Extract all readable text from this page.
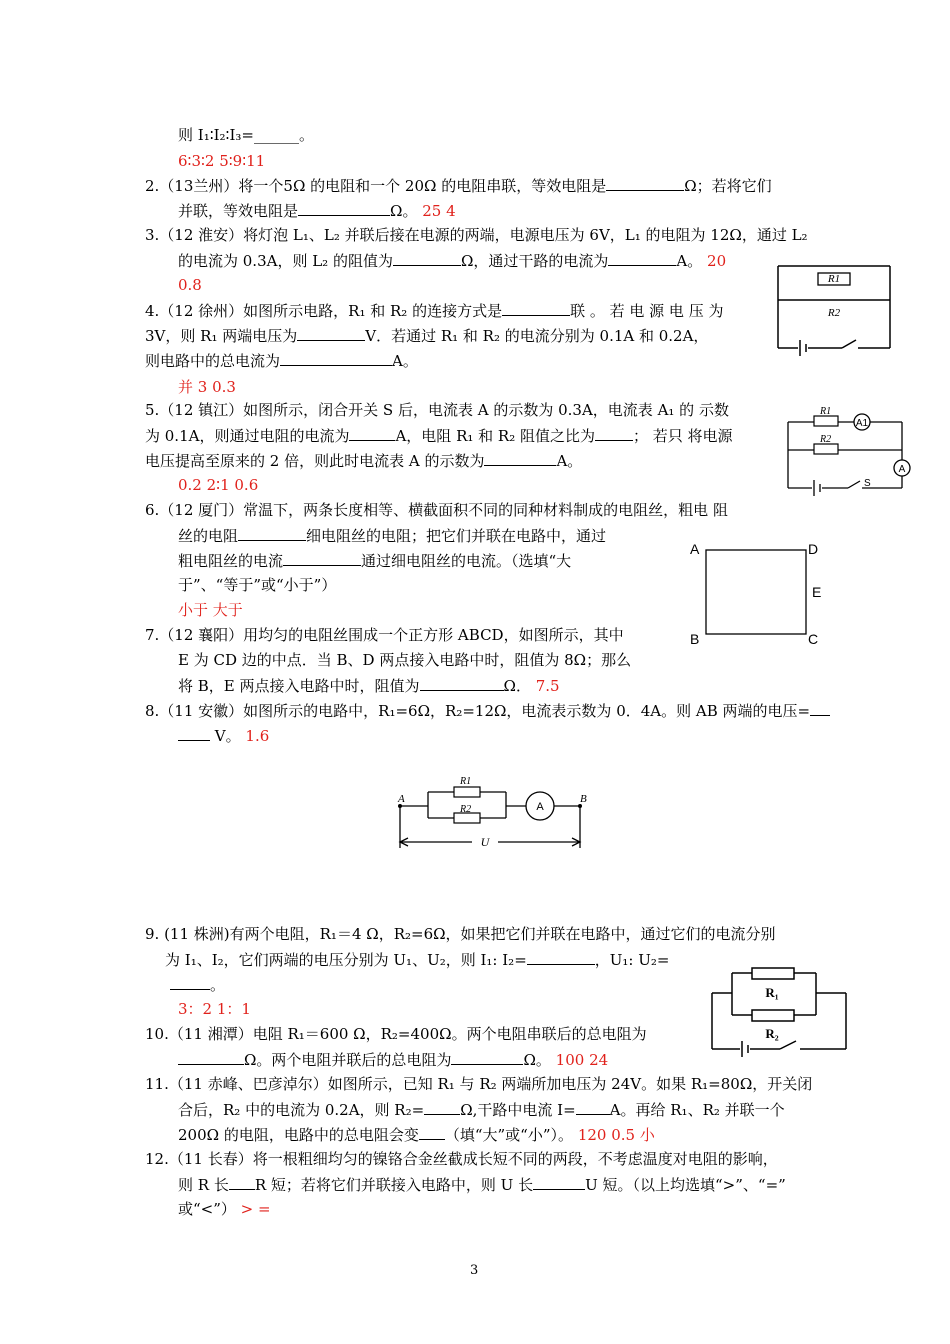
则 I₁∶I₂∶I₃=______。
6∶3∶2 5∶9∶11
2.（13兰州）将一个5Ω 的电阻和一个 20Ω 的电阻串联，等效电阻是	Ω；若将它们
并联，等效电阻是	Ω。 25 4
3.（12 淮安）将灯泡 L₁、L₂ 并联后接在电源的两端，电源电压为 6V，L₁ 的电阻为 12Ω，通过 L₂
的电流为 0.3A，则 L₂ 的阻值为	Ω，通过干路的电流为	A。 20
0.8
4.（12 徐州）如图所示电路，R₁ 和 R₂ 的连接方式是	联 。 若 电 源 电 压 为
3V，则 R₁ 两端电压为	V．若通过 R₁ 和 R₂ 的电流分别为 0.1A 和 0.2A，
则电路中的总电流为	A。
并 3 0.3
5.（12 镇江）如图所示，闭合开关 S 后，电流表 A 的示数为 0.3A，电流表 A₁ 的 示数
为 0.1A，则通过电阻的电流为	A，电阻 R₁ 和 R₂ 阻值之比为	； 若只 将电源
电压提高至原来的 2 倍，则此时电流表 A 的示数为	A。
0.2 2∶1 0.6
6.（12 厦门）常温下，两条长度相等、横截面积不同的同种材料制成的电阻丝，粗电 阻
丝的电阻	细电阻丝的电阻；把它们并联在电路中，通过
粗电阻丝的电流	通过细电阻丝的电流。（选填“大
于”、“等于”或“小于”）
小于 大于
7.（12 襄阳）用均匀的电阻丝围成一个正方形 ABCD，如图所示，其中
E 为 CD 边的中点．当 B、D 两点接入电路中时，阻值为 8Ω；那么
将 B，E 两点接入电路中时，阻值为	Ω． 7.5
8.（11 安徽）如图所示的电路中，R₁=6Ω，R₂=12Ω，电流表示数为 0．4A。则 AB 两端的电压=
V。 1.6
9. (11 株洲)有两个电阻，R₁＝4 Ω，R₂=6Ω，如果把它们并联在电路中，通过它们的电流分别
为 I₁、I₂，它们两端的电压分别为 U₁、U₂，则 I₁: I₂=	，U₁: U₂=
。
3：2 1：1
10.（11 湘潭）电阻 R₁＝600 Ω，R₂=400Ω。两个电阻串联后的总电阻为
Ω。两个电阻并联后的总电阻为	Ω。 100 24
11.（11 赤峰、巴彦淖尔）如图所示，已知 R₁ 与 R₂ 两端所加电压为 24V。如果 R₁=80Ω，开关闭
合后，R₂ 中的电流为 0.2A，则 R₂= Ω,干路中电流 I= A。再给 R₁、R₂ 并联一个
200Ω 的电阻，电路中的总电阻会变 （填“大”或“小”）。 120 0.5 小
12.（11 长春）将一根粗细均匀的镍铬合金丝截成长短不同的两段，不考虑温度对电阻的影响，
则 R 长 R 短；若将它们并联接入电路中，则 U 长	U 短。（以上均选填“>”、“=”
或“<”） > =
R1
R2
R1
R2
A1
A
S
A
B	C
D
E
A	B
R1
R2	A
U
R₁
R₂
3
